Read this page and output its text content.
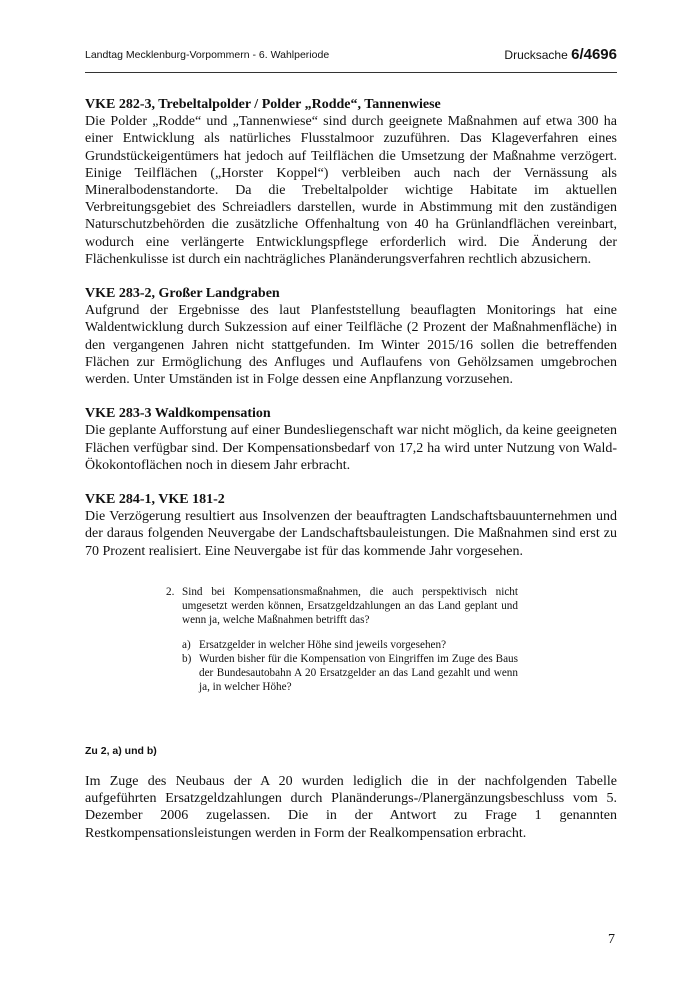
Landtag Mecklenburg-Vorpommern - 6. Wahlperiode	Drucksache 6/4696
VKE 282-3, Trebeltalpolder / Polder „Rodde“, Tannenwiese

Die Polder „Rodde“ und „Tannenwiese“ sind durch geeignete Maßnahmen auf etwa 300 ha einer Entwicklung als natürliches Flusstalmoor zuzuführen. Das Klageverfahren eines Grundstückeigentümers hat jedoch auf Teilflächen die Umsetzung der Maßnahme verzögert. Einige Teilflächen („Horster Koppel“) verbleiben auch nach der Vernässung als Mineralbodenstandorte. Da die Trebeltalpolder wichtige Habitate im aktuellen Verbreitungsgebiet des Schreiadlers darstellen, wurde in Abstimmung mit den zuständigen Naturschutzbehörden die zusätzliche Offenhaltung von 40 ha Grünlandflächen vereinbart, wodurch eine verlängerte Entwicklungspflege erforderlich wird. Die Änderung der Flächenkulisse ist durch ein nachträgliches Planänderungsverfahren rechtlich abzusichern.

VKE 283-2, Großer Landgraben

Aufgrund der Ergebnisse des laut Planfeststellung beauflagten Monitorings hat eine Waldentwicklung durch Sukzession auf einer Teilfläche (2 Prozent der Maßnahmenfläche) in den vergangenen Jahren nicht stattgefunden. Im Winter 2015/16 sollen die betreffenden Flächen zur Ermöglichung des Anfluges und Auflaufens von Gehölzsamen umgebrochen werden. Unter Umständen ist in Folge dessen eine Anpflanzung vorzusehen.

VKE 283-3 Waldkompensation

Die geplante Aufforstung auf einer Bundesliegenschaft war nicht möglich, da keine geeigneten Flächen verfügbar sind. Der Kompensationsbedarf von 17,2 ha wird unter Nutzung von Wald-Ökokontoflächen noch in diesem Jahr erbracht.

VKE 284-1, VKE 181-2

Die Verzögerung resultiert aus Insolvenzen der beauftragten Landschaftsbauunternehmen und der daraus folgenden Neuvergabe der Landschaftsbauleistungen. Die Maßnahmen sind erst zu 70 Prozent realisiert. Eine Neuvergabe ist für das kommende Jahr vorgesehen.

2. Sind bei Kompensationsmaßnahmen, die auch perspektivisch nicht umgesetzt werden können, Ersatzgeldzahlungen an das Land geplant und wenn ja, welche Maßnahmen betrifft das?
a) Ersatzgelder in welcher Höhe sind jeweils vorgesehen?
b) Wurden bisher für die Kompensation von Eingriffen im Zuge des Baus der Bundesautobahn A 20 Ersatzgelder an das Land gezahlt und wenn ja, in welcher Höhe?
Zu 2, a) und b)

Im Zuge des Neubaus der A 20 wurden lediglich die in der nachfolgenden Tabelle aufgeführten Ersatzgeldzahlungen durch Planänderungs-/Planergänzungsbeschluss vom 5. Dezember 2006 zugelassen. Die in der Antwort zu Frage 1 genannten Restkompensationsleistungen werden in Form der Realkompensation erbracht.

7
